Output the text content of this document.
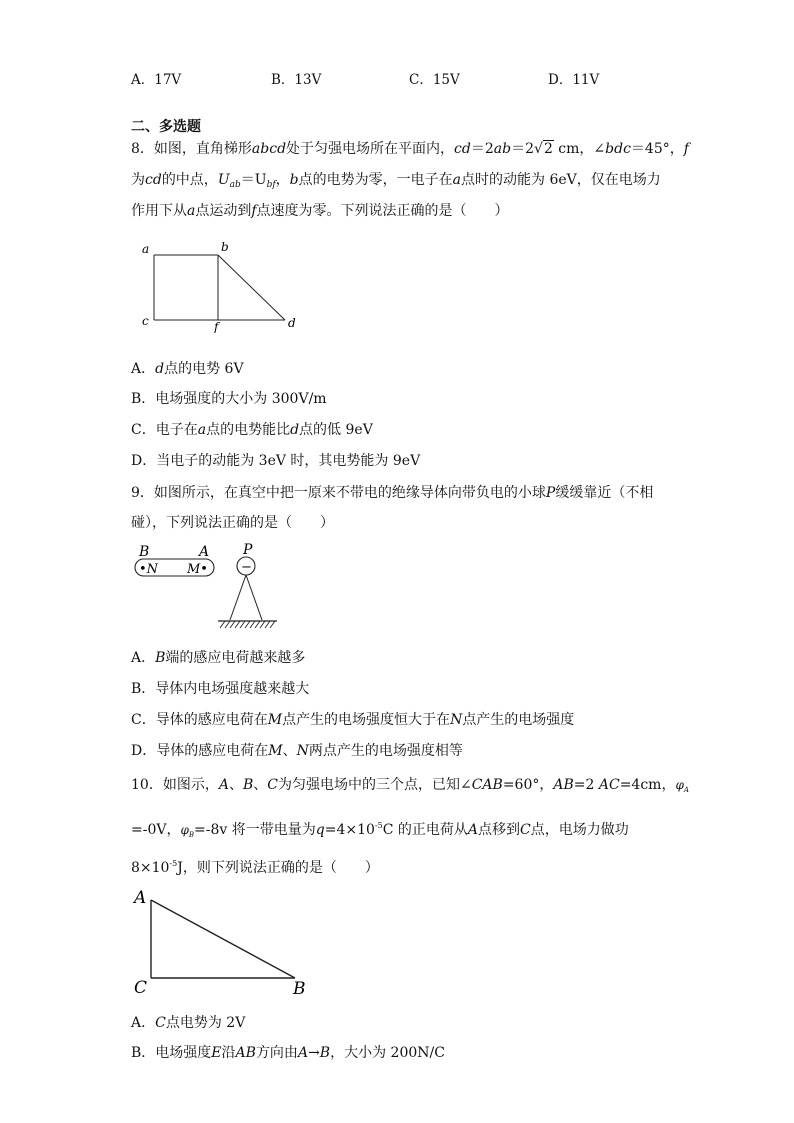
A．17V	B．13V	C．15V	D．11V
二、多选题
8．如图，直角梯形abcd处于匀强电场所在平面内，cd＝2ab＝2√2 cm，∠bdc＝45°，f
为cd的中点，$U_{ab}=U_{bf}$，b点的电势为零，一电子在a点时的动能为 6eV，仅在电场力
作用下从a点运动到f点速度为零。下列说法正确的是（　　）
a	b
c	f	d
A．d点的电势 6V
B．电场强度的大小为 300V/m
C．电子在a点的电势能比d点的低 9eV
D．当电子的动能为 3eV 时，其电势能为 9eV
9．如图所示，在真空中把一原来不带电的绝缘导体向带负电的小球P缓缓靠近（不相
碰），下列说法正确的是（　　）
B	A
•N M•
P
−
A．B端的感应电荷越来越多
B．导体内电场强度越来越大
C．导体的感应电荷在M点产生的电场强度恒大于在N点产生的电场强度
D．导体的感应电荷在M、N两点产生的电场强度相等
10．如图示，A、B、C为匀强电场中的三个点，已知∠CAB=60°，AB=2 AC=4cm，$\varphi_A$
=-0V，$\varphi_B=-8v$ 将一带电量为$q=4\times 10^{-5}C$ 的正电荷从A点移到C点，电场力做功
$8\times 10^{-5}J$，则下列说法正确的是（　　）
A
C	B
A．C点电势为 2V
B．电场强度E沿AB方向由A→B，大小为 200N/C
